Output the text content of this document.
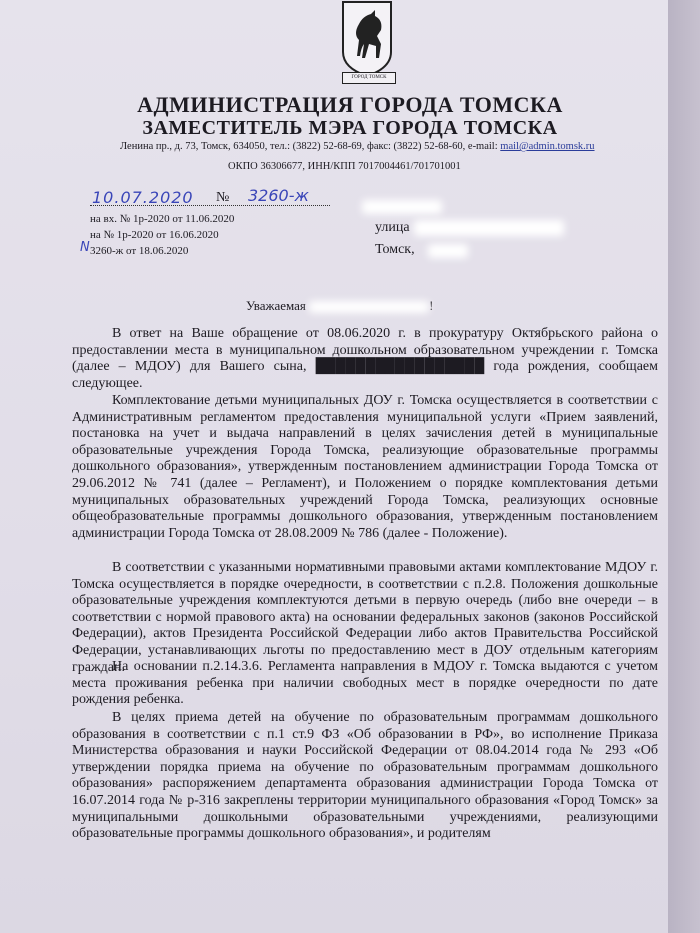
ГОРОД ТОМСК
АДМИНИСТРАЦИЯ ГОРОДА ТОМСКА
ЗАМЕСТИТЕЛЬ МЭРА ГОРОДА ТОМСКА
Ленина пр., д. 73, Томск, 634050, тел.: (3822) 52-68-69, факс: (3822) 52-68-60, e-mail: mail@admin.tomsk.ru
ОКПО 36306677, ИНН/КПП 7017004461/701701001
10.07.2020 № 3260-ж
на вх. № 1р-2020 от 11.06.2020
на № 1р-2020 от 16.06.2020
N 3260-ж от 18.06.2020
улица
Томск,
Уважаемая	!

В ответ на Ваше обращение от 08.06.2020 г. в прокуратуру Октябрьского района о предоставлении места в муниципальном дошкольном образовательном учреждении г. Томска (далее – МДОУ) для Вашего сына, █████████████████ года рождения, сообщаем следующее.

Комплектование детьми муниципальных ДОУ г. Томска осуществляется в соответствии с Административным регламентом предоставления муниципальной услуги «Прием заявлений, постановка на учет и выдача направлений в целях зачисления детей в муниципальные образовательные учреждения Города Томска, реализующие образовательные программы дошкольного образования», утвержденным постановлением администрации Города Томска от 29.06.2012 № 741 (далее – Регламент), и Положением о порядке комплектования детьми муниципальных образовательных учреждений Города Томска, реализующих основные общеобразовательные программы дошкольного образования, утвержденным постановлением администрации Города Томска от 28.08.2009 № 786 (далее - Положение).

В соответствии с указанными нормативными правовыми актами комплектование МДОУ г. Томска осуществляется в порядке очередности, в соответствии с п.2.8. Положения дошкольные образовательные учреждения комплектуются детьми в первую очередь (либо вне очереди – в соответствии с нормой правового акта) на основании федеральных законов (законов Российской Федерации), актов Президента Российской Федерации либо актов Правительства Российской Федерации, устанавливающих льготы по предоставлению мест в ДОУ отдельным категориям граждан.

На основании п.2.14.3.6. Регламента направления в МДОУ г. Томска выдаются с учетом места проживания ребенка при наличии свободных мест в порядке очередности по дате рождения ребенка.

В целях приема детей на обучение по образовательным программам дошкольного образования в соответствии с п.1 ст.9 ФЗ «Об образовании в РФ», во исполнение Приказа Министерства образования и науки Российской Федерации от 08.04.2014 года № 293 «Об утверждении порядка приема на обучение по образовательным программам дошкольного образования» распоряжением департамента образования администрации Города Томска от 16.07.2014 года № р-316 закреплены территории муниципального образования «Город Томск» за муниципальными дошкольными образовательными учреждениями, реализующими образовательные программы дошкольного образования», и родителям
